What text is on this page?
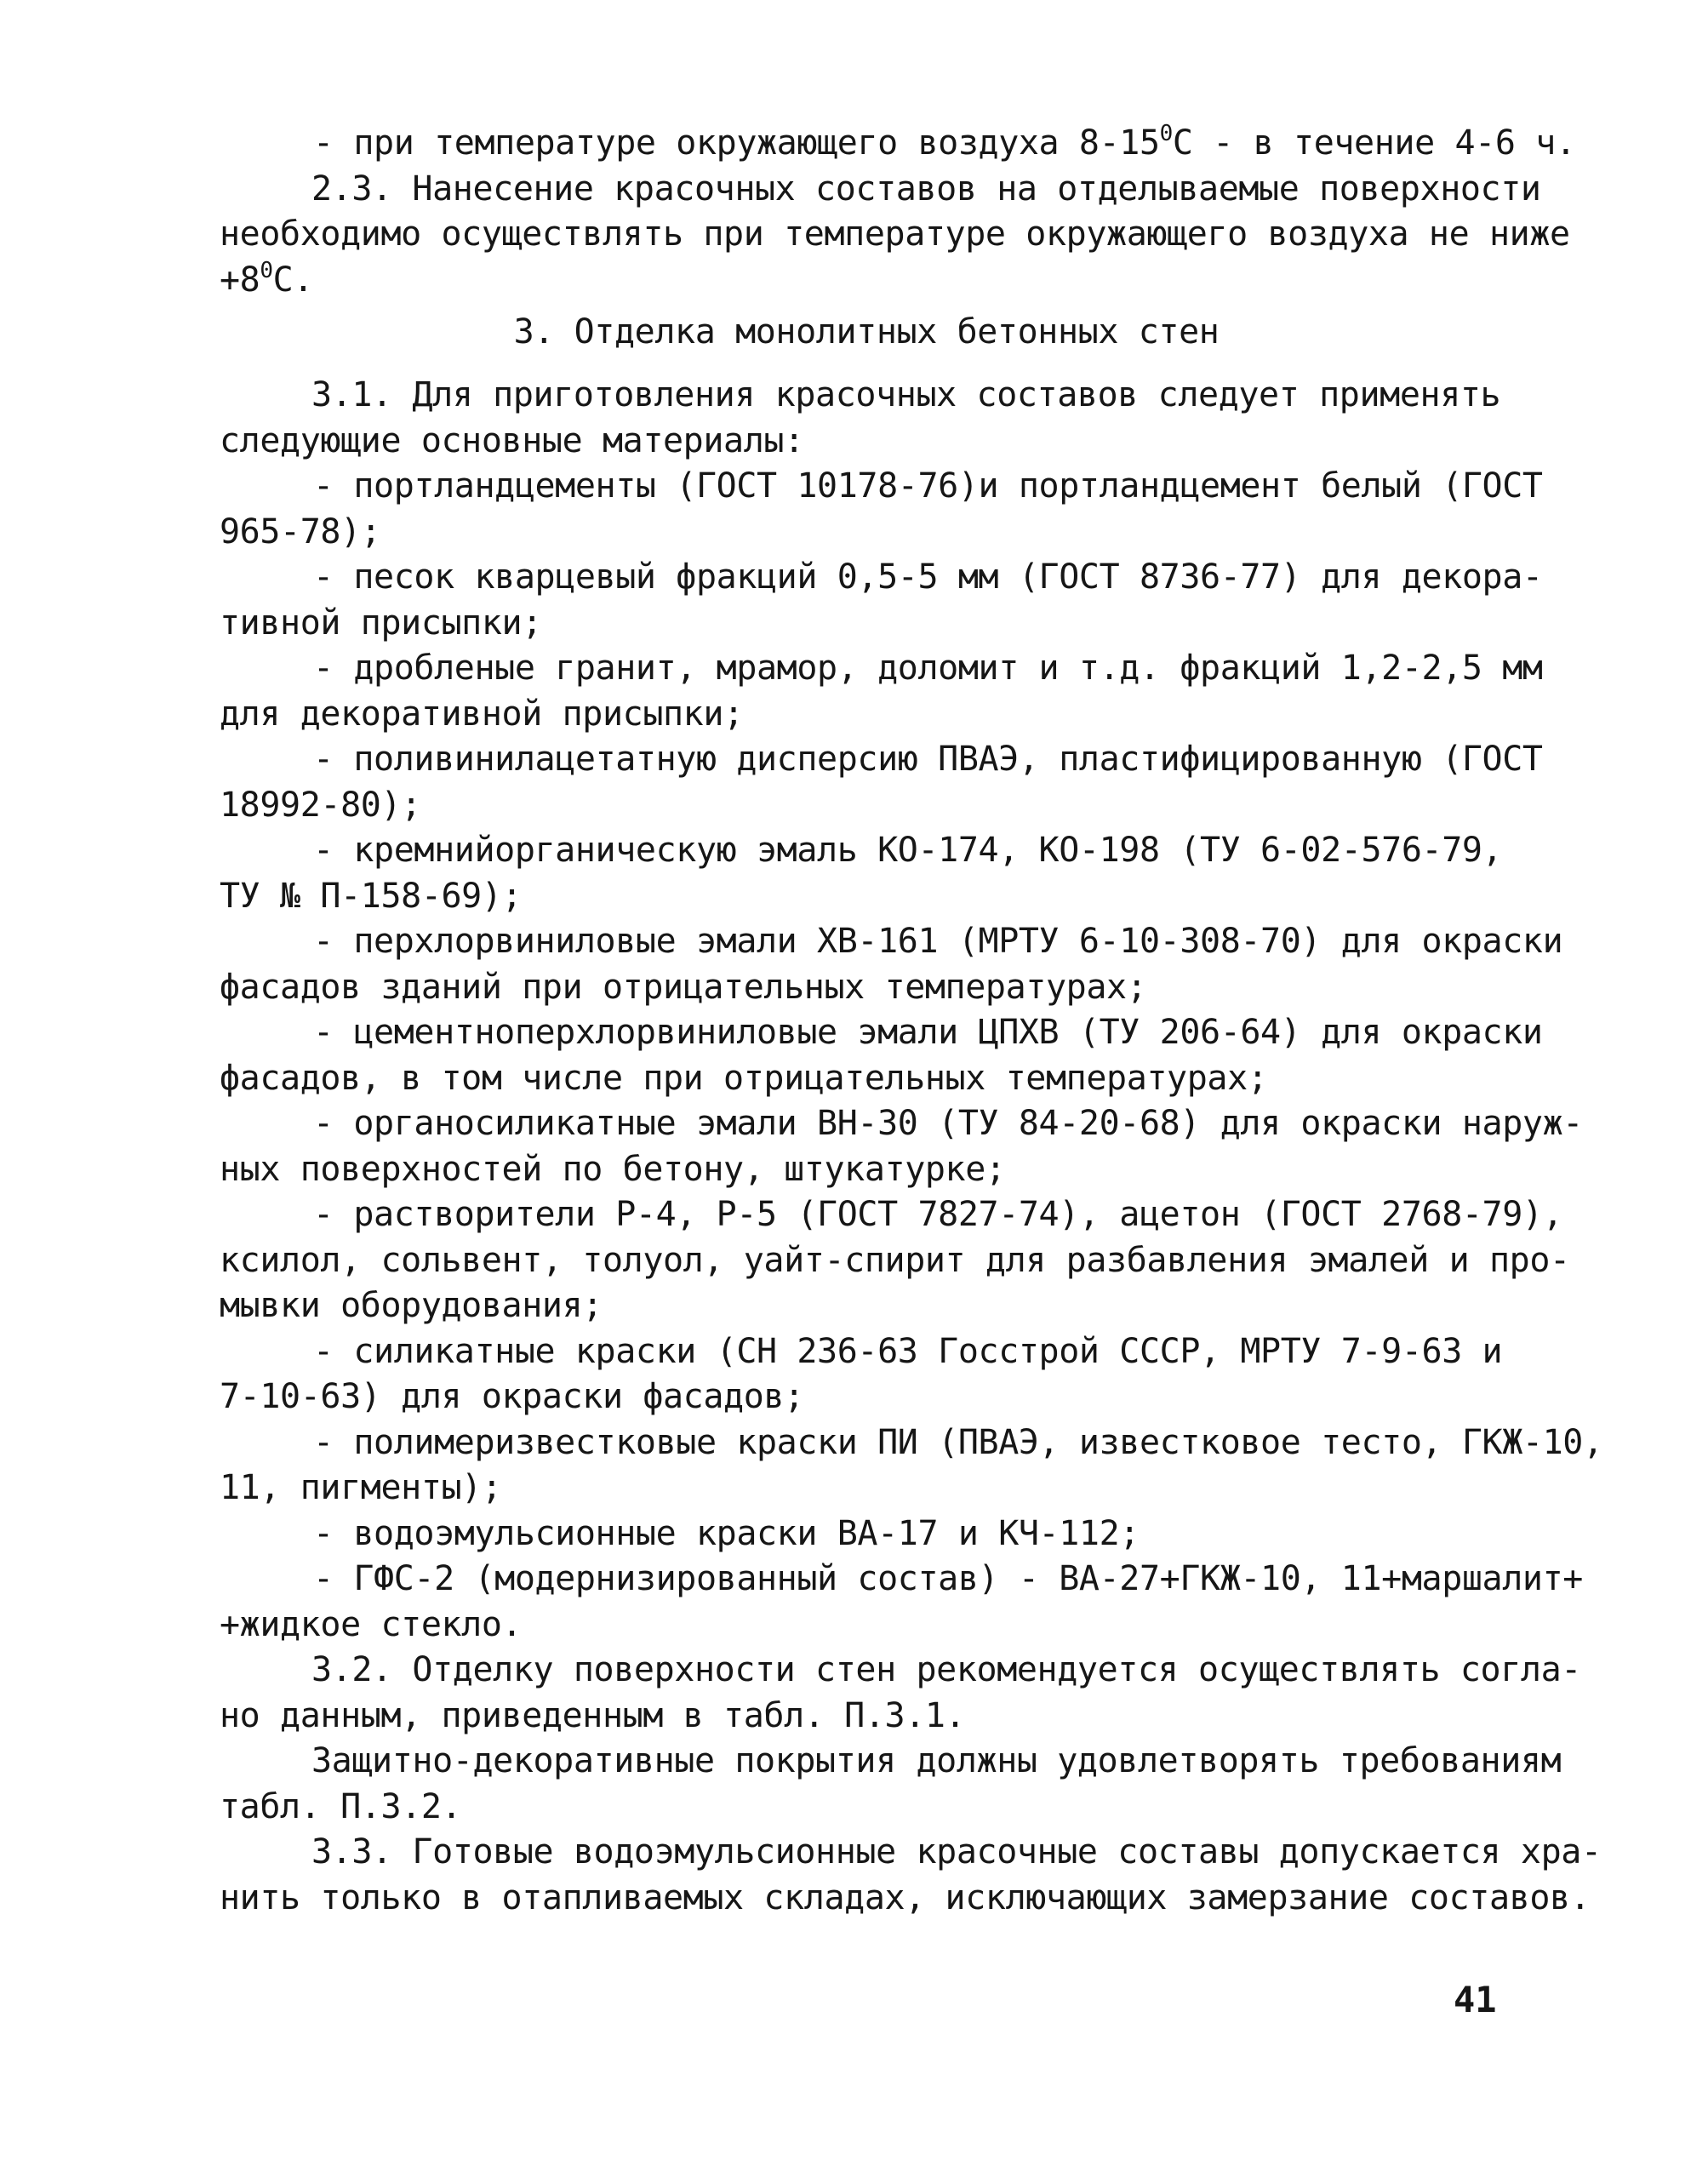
- при температуре окружающего воздуха $8-15^0С$ - в течение 4-6 ч.
2.3. Нанесение красочных составов на отделываемые поверхности
необходимо осуществлять при температуре окружающего воздуха не ниже
$+8^0С$.
3. Отделка монолитных бетонных стен
3.1. Для приготовления красочных составов следует применять
следующие основные материалы:
- портландцементы (ГОСТ 10178-76)и портландцемент белый (ГОСТ
965-78);
- песок кварцевый фракций 0,5-5 мм (ГОСТ 8736-77) для декора-
тивной присыпки;
- дробленые гранит, мрамор, доломит и т.д. фракций 1,2-2,5 мм
для декоративной присыпки;
- поливинилацетатную дисперсию ПВАЭ, пластифицированную (ГОСТ
18992-80);
- кремнийорганическую эмаль КО-174, КО-198 (ТУ 6-02-576-79,
ТУ № П-158-69);
- перхлорвиниловые эмали ХВ-161 (МРТУ 6-10-308-70) для окраски
фасадов зданий при отрицательных температурах;
- цементноперхлорвиниловые эмали ЦПХВ (ТУ 206-64) для окраски
фасадов, в том числе при отрицательных температурах;
- органосиликатные эмали ВН-30 (ТУ 84-20-68) для окраски наруж-
ных поверхностей по бетону, штукатурке;
- растворители Р-4, Р-5 (ГОСТ 7827-74), ацетон (ГОСТ 2768-79),
ксилол, сольвент, толуол, уайт-спирит для разбавления эмалей и про-
мывки оборудования;
- силикатные краски (СН 236-63 Госстрой СССР, МРТУ 7-9-63 и
7-10-63) для окраски фасадов;
- полимеризвестковые краски ПИ (ПВАЭ, известковое тесто, ГКЖ-10,
11, пигменты);
- водоэмульсионные краски ВА-17 и КЧ-112;
- ГФС-2 (модернизированный состав) - ВА-27+ГКЖ-10, 11+маршалит+
+жидкое стекло.
3.2. Отделку поверхности стен рекомендуется осуществлять согла-
но данным, приведенным в табл. П.3.1.
Защитно-декоративные покрытия должны удовлетворять требованиям
табл. П.3.2.
3.3. Готовые водоэмульсионные красочные составы допускается хра-
нить только в отапливаемых складах, исключающих замерзание составов.
41
